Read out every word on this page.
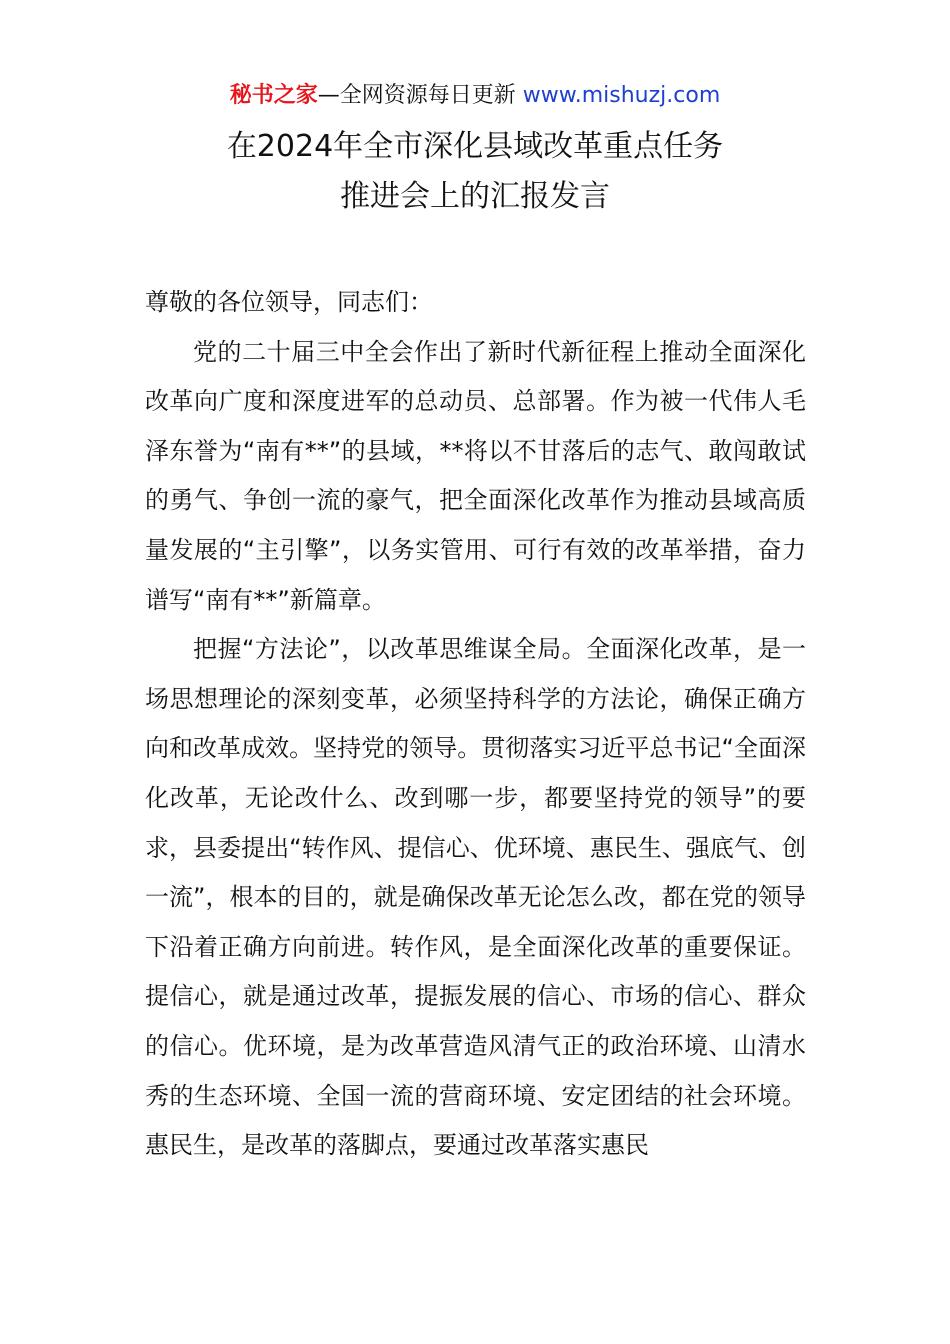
秘书之家—全网资源每日更新 www.mishuzj.com
在2024年全市深化县域改革重点任务
推进会上的汇报发言

尊敬的各位领导，同志们：

党的二十届三中全会作出了新时代新征程上推动全面深化改革向广度和深度进军的总动员、总部署。作为被一代伟人毛泽东誉为“南有**”的县域，**将以不甘落后的志气、敢闯敢试的勇气、争创一流的豪气，把全面深化改革作为推动县域高质量发展的“主引擎”，以务实管用、可行有效的改革举措，奋力谱写“南有**”新篇章。

把握“方法论”，以改革思维谋全局。全面深化改革，是一场思想理论的深刻变革，必须坚持科学的方法论，确保正确方向和改革成效。坚持党的领导。贯彻落实习近平总书记“全面深化改革，无论改什么、改到哪一步，都要坚持党的领导”的要求，县委提出“转作风、提信心、优环境、惠民生、强底气、创一流”，根本的目的，就是确保改革无论怎么改，都在党的领导下沿着正确方向前进。转作风，是全面深化改革的重要保证。提信心，就是通过改革，提振发展的信心、市场的信心、群众的信心。优环境，是为改革营造风清气正的政治环境、山清水秀的生态环境、全国一流的营商环境、安定团结的社会环境。惠民生，是改革的落脚点，要通过改革落实惠民
